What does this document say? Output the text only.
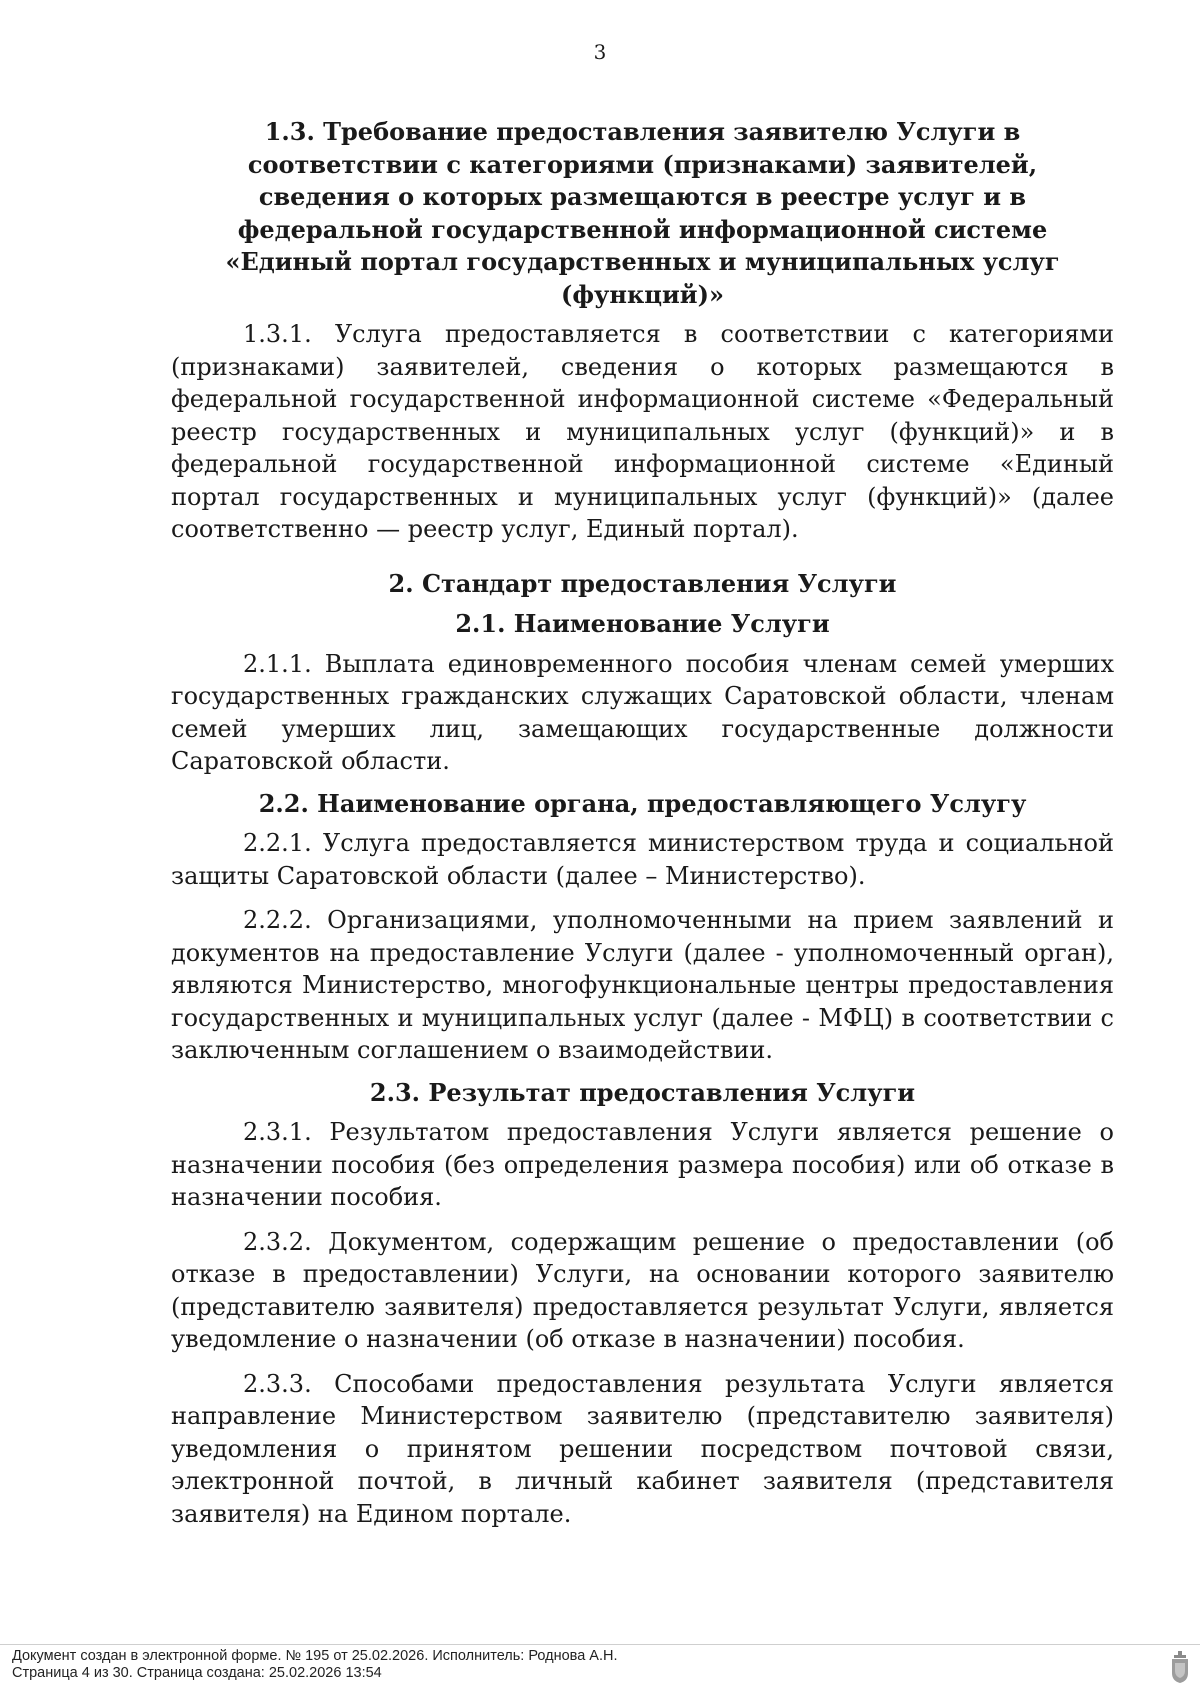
3

1.3. Требование предоставления заявителю Услуги в соответствии с категориями (признаками) заявителей, сведения о которых размещаются в реестре услуг и в федеральной государственной информационной системе «Единый портал государственных и муниципальных услуг (функций)»

1.3.1. Услуга предоставляется в соответствии с категориями (признаками) заявителей, сведения о которых размещаются в федеральной государственной информационной системе «Федеральный реестр государственных и муниципальных услуг (функций)» и в федеральной государственной информационной системе «Единый портал государственных и муниципальных услуг (функций)» (далее соответственно — реестр услуг, Единый портал).

2. Стандарт предоставления Услуги

2.1. Наименование Услуги

2.1.1. Выплата единовременного пособия членам семей умерших государственных гражданских служащих Саратовской области, членам семей умерших лиц, замещающих государственные должности Саратовской области.

2.2. Наименование органа, предоставляющего Услугу

2.2.1. Услуга предоставляется министерством труда и социальной защиты Саратовской области (далее – Министерство).

2.2.2. Организациями, уполномоченными на прием заявлений и документов на предоставление Услуги (далее - уполномоченный орган), являются Министерство, многофункциональные центры предоставления государственных и муниципальных услуг (далее - МФЦ) в соответствии с заключенным соглашением о взаимодействии.

2.3. Результат предоставления Услуги

2.3.1. Результатом предоставления Услуги является решение о назначении пособия (без определения размера пособия) или об отказе в назначении пособия.

2.3.2. Документом, содержащим решение о предоставлении (об отказе в предоставлении) Услуги, на основании которого заявителю (представителю заявителя) предоставляется результат Услуги, является уведомление о назначении (об отказе в назначении) пособия.

2.3.3. Способами предоставления результата Услуги является направление Министерством заявителю (представителю заявителя) уведомления о принятом решении посредством почтовой связи, электронной почтой, в личный кабинет заявителя (представителя заявителя) на Едином портале.

Документ создан в электронной форме. № 195 от 25.02.2026. Исполнитель: Роднова А.Н.
Страница 4 из 30. Страница создана: 25.02.2026 13:54
